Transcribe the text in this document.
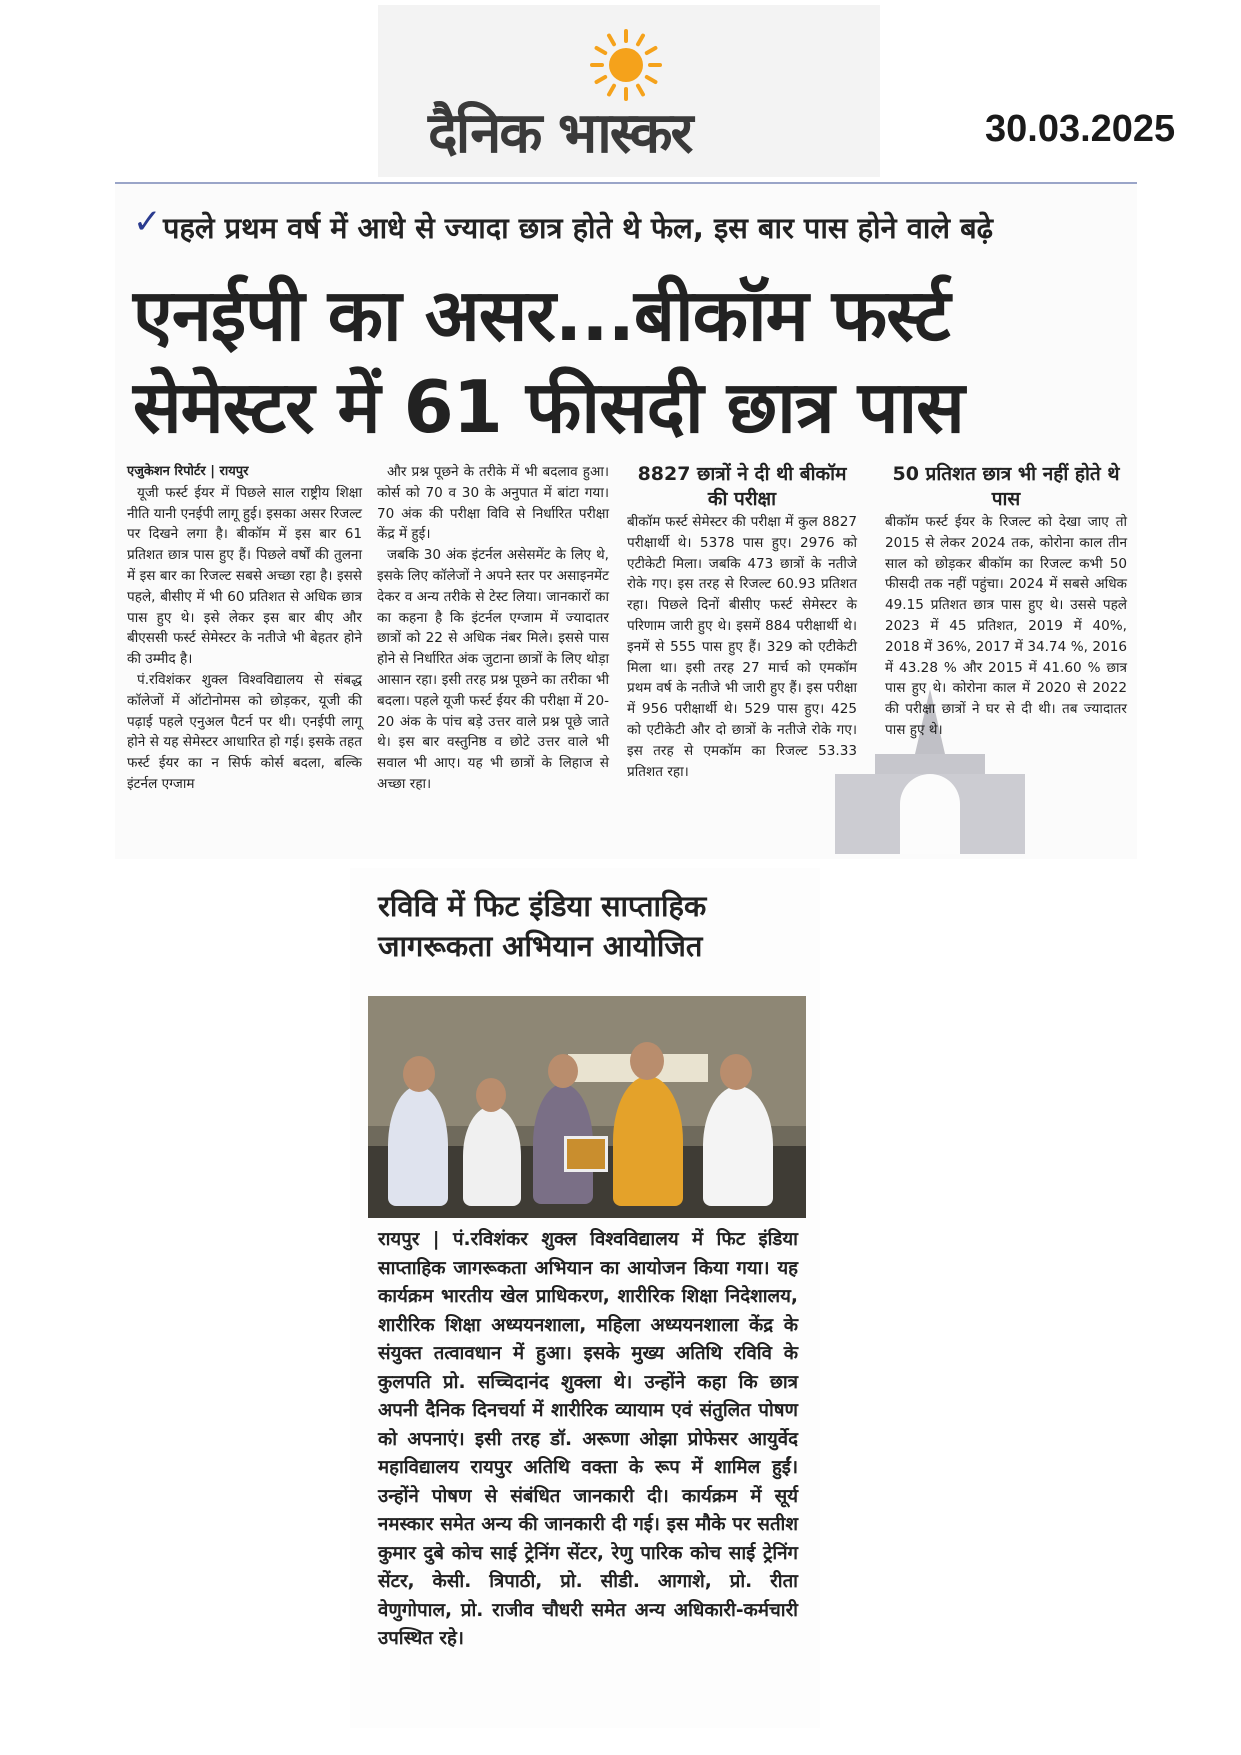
दैनिक भास्कर	30.03.2025
✓ पहले प्रथम वर्ष में आधे से ज्यादा छात्र होते थे फेल, इस बार पास होने वाले बढ़े
एनईपी का असर...बीकॉम फर्स्ट
सेमेस्टर में 61 फीसदी छात्र पास

एजुकेशन रिपोर्टर | रायपुर

यूजी फर्स्ट ईयर में पिछले साल राष्ट्रीय शिक्षा नीति यानी एनईपी लागू हुई। इसका असर रिजल्ट पर दिखने लगा है। बीकॉम में इस बार 61 प्रतिशत छात्र पास हुए हैं। पिछले वर्षों की तुलना में इस बार का रिजल्ट सबसे अच्छा रहा है। इससे पहले, बीसीए में भी 60 प्रतिशत से अधिक छात्र पास हुए थे। इसे लेकर इस बार बीए और बीएससी फर्स्ट सेमेस्टर के नतीजे भी बेहतर होने की उम्मीद है।

पं.रविशंकर शुक्ल विश्वविद्यालय से संबद्ध कॉलेजों में ऑटोनोमस को छोड़कर, यूजी की पढ़ाई पहले एनुअल पैटर्न पर थी। एनईपी लागू होने से यह सेमेस्टर आधारित हो गई। इसके तहत फर्स्ट ईयर का न सिर्फ कोर्स बदला, बल्कि इंटर्नल एग्जाम

और प्रश्न पूछने के तरीके में भी बदलाव हुआ। कोर्स को 70 व 30 के अनुपात में बांटा गया। 70 अंक की परीक्षा विवि से निर्धारित परीक्षा केंद्र में हुई।

जबकि 30 अंक इंटर्नल असेसमेंट के लिए थे, इसके लिए कॉलेजों ने अपने स्तर पर असाइनमेंट देकर व अन्य तरीके से टेस्ट लिया। जानकारों का का कहना है कि इंटर्नल एग्जाम में ज्यादातर छात्रों को 22 से अधिक नंबर मिले। इससे पास होने से निर्धारित अंक जुटाना छात्रों के लिए थोड़ा आसान रहा। इसी तरह प्रश्न पूछने का तरीका भी बदला। पहले यूजी फर्स्ट ईयर की परीक्षा में 20-20 अंक के पांच बड़े उत्तर वाले प्रश्न पूछे जाते थे। इस बार वस्तुनिष्ठ व छोटे उत्तर वाले भी सवाल भी आए। यह भी छात्रों के लिहाज से अच्छा रहा।

8827 छात्रों ने दी थी बीकॉम की परीक्षा

बीकॉम फर्स्ट सेमेस्टर की परीक्षा में कुल 8827 परीक्षार्थी थे। 5378 पास हुए। 2976 को एटीकेटी मिला। जबकि 473 छात्रों के नतीजे रोके गए। इस तरह से रिजल्ट 60.93 प्रतिशत रहा। पिछले दिनों बीसीए फर्स्ट सेमेस्टर के परिणाम जारी हुए थे। इसमें 884 परीक्षार्थी थे। इनमें से 555 पास हुए हैं। 329 को एटीकेटी मिला था। इसी तरह 27 मार्च को एमकॉम प्रथम वर्ष के नतीजे भी जारी हुए हैं। इस परीक्षा में 956 परीक्षार्थी थे। 529 पास हुए। 425 को एटीकेटी और दो छात्रों के नतीजे रोके गए। इस तरह से एमकॉम का रिजल्ट 53.33 प्रतिशत रहा।

50 प्रतिशत छात्र भी नहीं होते थे पास

बीकॉम फर्स्ट ईयर के रिजल्ट को देखा जाए तो 2015 से लेकर 2024 तक, कोरोना काल तीन साल को छोड़कर बीकॉम का रिजल्ट कभी 50 फीसदी तक नहीं पहुंचा। 2024 में सबसे अधिक 49.15 प्रतिशत छात्र पास हुए थे। उससे पहले 2023 में 45 प्रतिशत, 2019 में 40%, 2018 में 36%, 2017 में 34.74 %, 2016 में 43.28 % और 2015 में 41.60 % छात्र पास हुए थे। कोरोना काल में 2020 से 2022 की परीक्षा छात्रों ने घर से दी थी। तब ज्यादातर पास हुए थे।

रविवि में फिट इंडिया साप्ताहिक
जागरूकता अभियान आयोजित

रायपुर | पं.रविशंकर शुक्ल विश्वविद्यालय में फिट इंडिया साप्ताहिक जागरूकता अभियान का आयोजन किया गया। यह कार्यक्रम भारतीय खेल प्राधिकरण, शारीरिक शिक्षा निदेशालय, शारीरिक शिक्षा अध्ययनशाला, महिला अध्ययनशाला केंद्र के संयुक्त तत्वावधान में हुआ। इसके मुख्य अतिथि रविवि के कुलपति प्रो. सच्चिदानंद शुक्ला थे। उन्होंने कहा कि छात्र अपनी दैनिक दिनचर्या में शारीरिक व्यायाम एवं संतुलित पोषण को अपनाएं। इसी तरह डॉ. अरूणा ओझा प्रोफेसर आयुर्वेद महाविद्यालय रायपुर अतिथि वक्ता के रूप में शामिल हुईं। उन्होंने पोषण से संबंधित जानकारी दी। कार्यक्रम में सूर्य नमस्कार समेत अन्य की जानकारी दी गई। इस मौके पर सतीश कुमार दुबे कोच साई ट्रेनिंग सेंटर, रेणु पारिक कोच साई ट्रेनिंग सेंटर, केसी. त्रिपाठी, प्रो. सीडी. आगाशे, प्रो. रीता वेणुगोपाल, प्रो. राजीव चौधरी समेत अन्य अधिकारी-कर्मचारी उपस्थित रहे।
